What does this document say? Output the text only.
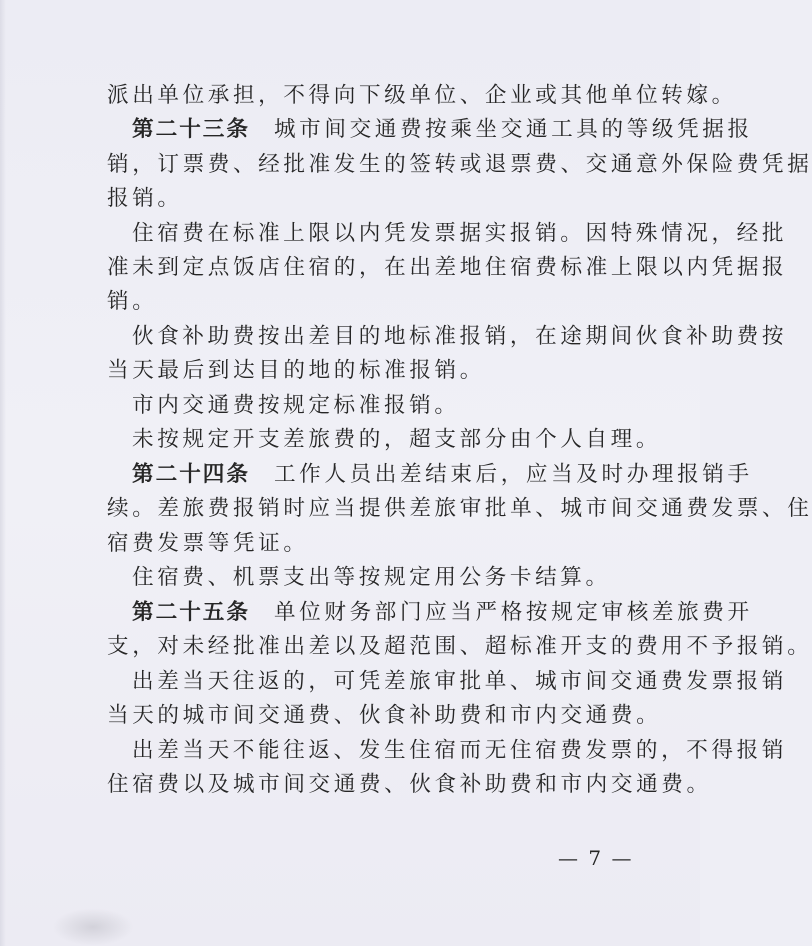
派出单位承担，不得向下级单位、企业或其他单位转嫁。
第二十三条 城市间交通费按乘坐交通工具的等级凭据报
销，订票费、经批准发生的签转或退票费、交通意外保险费凭据
报销。
住宿费在标准上限以内凭发票据实报销。因特殊情况，经批
准未到定点饭店住宿的，在出差地住宿费标准上限以内凭据报
销。
伙食补助费按出差目的地标准报销，在途期间伙食补助费按
当天最后到达目的地的标准报销。
市内交通费按规定标准报销。
未按规定开支差旅费的，超支部分由个人自理。
第二十四条 工作人员出差结束后，应当及时办理报销手
续。差旅费报销时应当提供差旅审批单、城市间交通费发票、住
宿费发票等凭证。
住宿费、机票支出等按规定用公务卡结算。
第二十五条 单位财务部门应当严格按规定审核差旅费开
支，对未经批准出差以及超范围、超标准开支的费用不予报销。
出差当天往返的，可凭差旅审批单、城市间交通费发票报销
当天的城市间交通费、伙食补助费和市内交通费。
出差当天不能往返、发生住宿而无住宿费发票的，不得报销
住宿费以及城市间交通费、伙食补助费和市内交通费。
— 7 —
